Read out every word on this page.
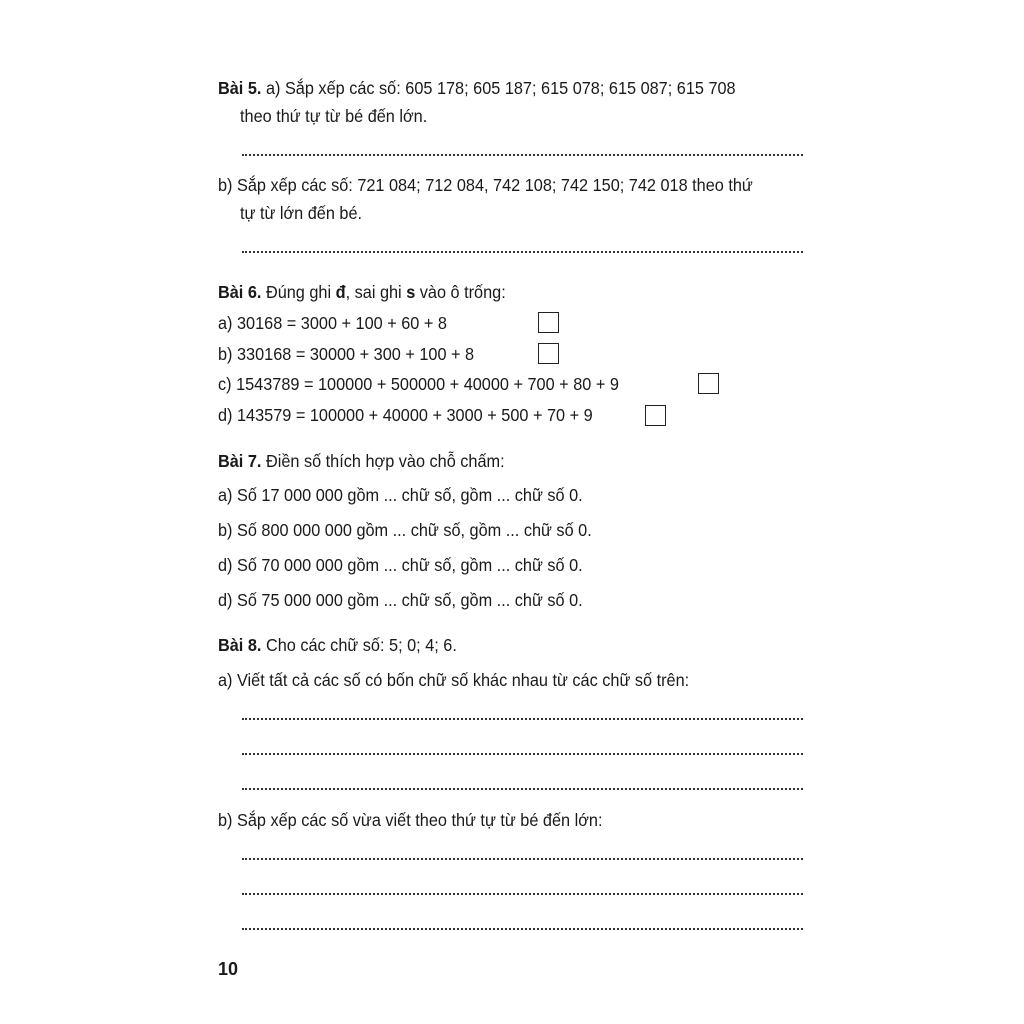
Bài 5. a) Sắp xếp các số: 605 178; 605 187; 615 078; 615 087; 615 708
theo thứ tự từ bé đến lớn.
b) Sắp xếp các số: 721 084; 712 084, 742 108; 742 150; 742 018 theo thứ
tự từ lớn đến bé.
Bài 6. Đúng ghi đ, sai ghi s vào ô trống:
a) 30168 = 3000 + 100 + 60 + 8
b) 330168 = 30000 + 300 + 100 + 8
c) 1543789 = 100000 + 500000 + 40000 + 700 + 80 + 9
d) 143579 = 100000 + 40000 + 3000 + 500 + 70 + 9
Bài 7. Điền số thích hợp vào chỗ chấm:
a) Số 17 000 000 gồm ... chữ số, gồm ... chữ số 0.
b) Số 800 000 000 gồm ... chữ số, gồm ... chữ số 0.
d) Số 70 000 000 gồm ... chữ số, gồm ... chữ số 0.
d) Số 75 000 000 gồm ... chữ số, gồm ... chữ số 0.
Bài 8. Cho các chữ số: 5; 0; 4; 6.
a) Viết tất cả các số có bốn chữ số khác nhau từ các chữ số trên:
b) Sắp xếp các số vừa viết theo thứ tự từ bé đến lớn:
10
